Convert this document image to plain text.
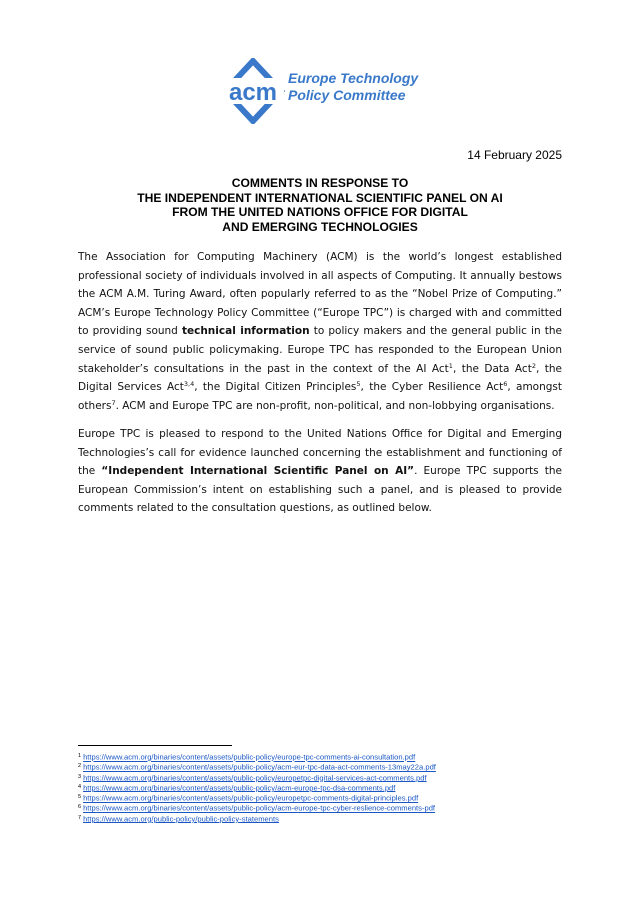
acm
Europe Technology
Policy Committee
14 February 2025
COMMENTS IN RESPONSE TO
THE INDEPENDENT INTERNATIONAL SCIENTIFIC PANEL ON AI
FROM THE UNITED NATIONS OFFICE FOR DIGITAL
AND EMERGING TECHNOLOGIES

The Association for Computing Machinery (ACM) is the world’s longest established professional society of individuals involved in all aspects of Computing. It annually bestows the ACM A.M. Turing Award, often popularly referred to as the “Nobel Prize of Computing.” ACM’s Europe Technology Policy Committee (“Europe TPC”) is charged with and committed to providing sound technical information to policy makers and the general public in the service of sound public policymaking. Europe TPC has responded to the European Union stakeholder’s consultations in the past in the context of the AI Act$^1$, the Data Act$^2$, the Digital Services Act$^{3,4}$, the Digital Citizen Principles$^5$, the Cyber Resilience Act$^6$, amongst others$^7$. ACM and Europe TPC are non-profit, non-political, and non-lobbying organisations.

Europe TPC is pleased to respond to the United Nations Office for Digital and Emerging Technologies’s call for evidence launched concerning the establishment and functioning of the “Independent International Scientific Panel on AI”. Europe TPC supports the European Commission’s intent on establishing such a panel, and is pleased to provide comments related to the consultation questions, as outlined below.

$^1$ https://www.acm.org/binaries/content/assets/public-policy/europe-tpc-comments-ai-consultation.pdf
$^2$ https://www.acm.org/binaries/content/assets/public-policy/acm-eur-tpc-data-act-comments-13may22a.pdf
$^3$ https://www.acm.org/binaries/content/assets/public-policy/europetpc-digital-services-act-comments.pdf
$^4$ https://www.acm.org/binaries/content/assets/public-policy/acm-europe-tpc-dsa-comments.pdf
$^5$ https://www.acm.org/binaries/content/assets/public-policy/europetpc-comments-digital-principles.pdf
$^6$ https://www.acm.org/binaries/content/assets/public-policy/acm-europe-tpc-cyber-reslience-comments-pdf
$^7$ https://www.acm.org/public-policy/public-policy-statements
